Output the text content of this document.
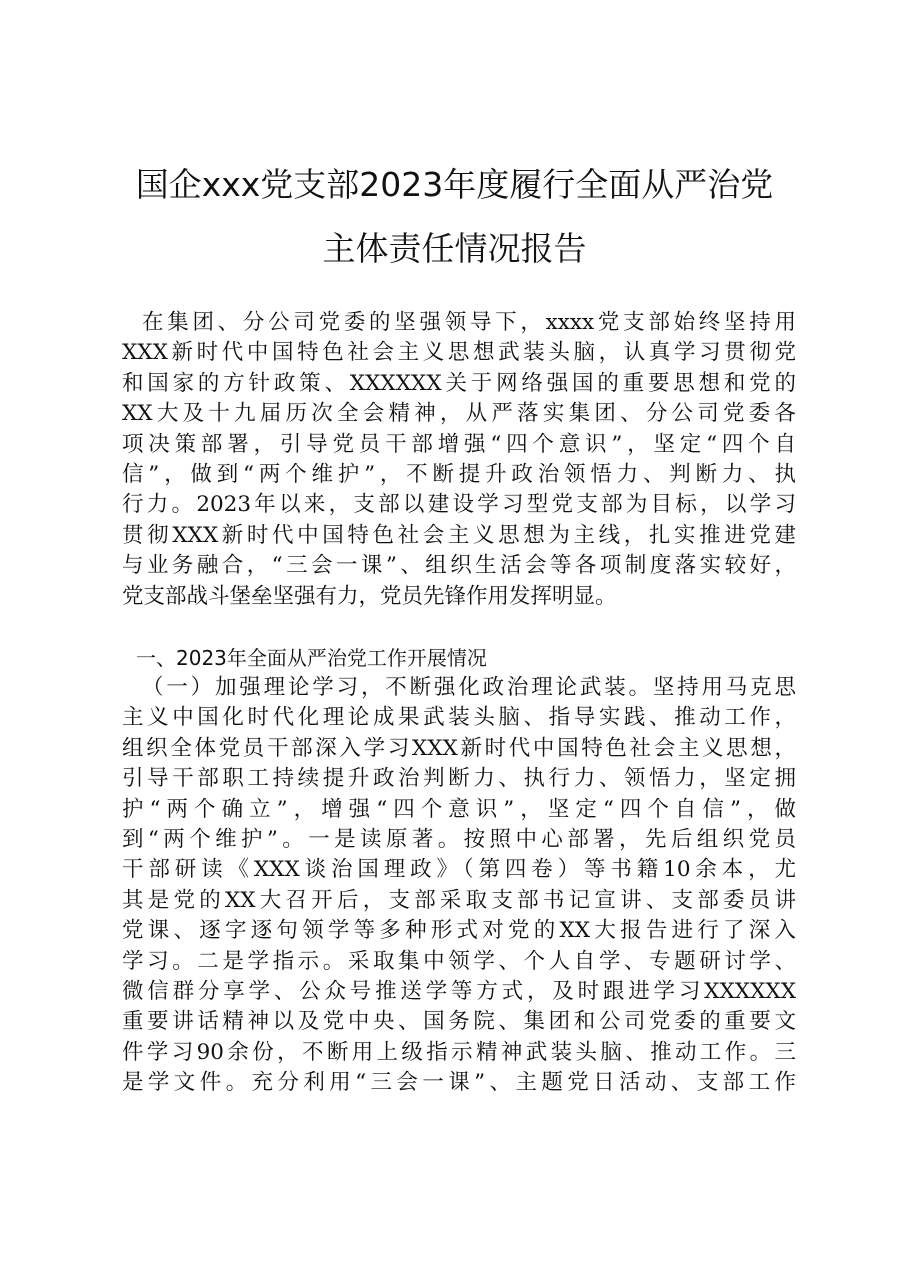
国企xxx党支部2023年度履行全面从严治党
主体责任情况报告
在集团、分公司党委的坚强领导下，xxxx党支部始终坚持用
XXX新时代中国特色社会主义思想武装头脑，认真学习贯彻党
和国家的方针政策、XXXXXX关于网络强国的重要思想和党的
XX大及十九届历次全会精神，从严落实集团、分公司党委各
项决策部署，引导党员干部增强“四个意识”，坚定“四个自
信”，做到“两个维护”，不断提升政治领悟力、判断力、执
行力。2023年以来，支部以建设学习型党支部为目标，以学习
贯彻XXX新时代中国特色社会主义思想为主线，扎实推进党建
与业务融合，“三会一课”、组织生活会等各项制度落实较好，
党支部战斗堡垒坚强有力，党员先锋作用发挥明显。
一、2023年全面从严治党工作开展情况
（一）加强理论学习，不断强化政治理论武装。坚持用马克思
主义中国化时代化理论成果武装头脑、指导实践、推动工作，
组织全体党员干部深入学习XXX新时代中国特色社会主义思想，
引导干部职工持续提升政治判断力、执行力、领悟力，坚定拥
护“两个确立”，增强“四个意识”，坚定“四个自信”，做
到“两个维护”。一是读原著。按照中心部署，先后组织党员
干部研读《XXX谈治国理政》（第四卷）等书籍10余本，尤
其是党的XX大召开后，支部采取支部书记宣讲、支部委员讲
党课、逐字逐句领学等多种形式对党的XX大报告进行了深入
学习。二是学指示。采取集中领学、个人自学、专题研讨学、
微信群分享学、公众号推送学等方式，及时跟进学习XXXXXX
重要讲话精神以及党中央、国务院、集团和公司党委的重要文
件学习90余份，不断用上级指示精神武装头脑、推动工作。三
是学文件。充分利用“三会一课”、主题党日活动、支部工作
